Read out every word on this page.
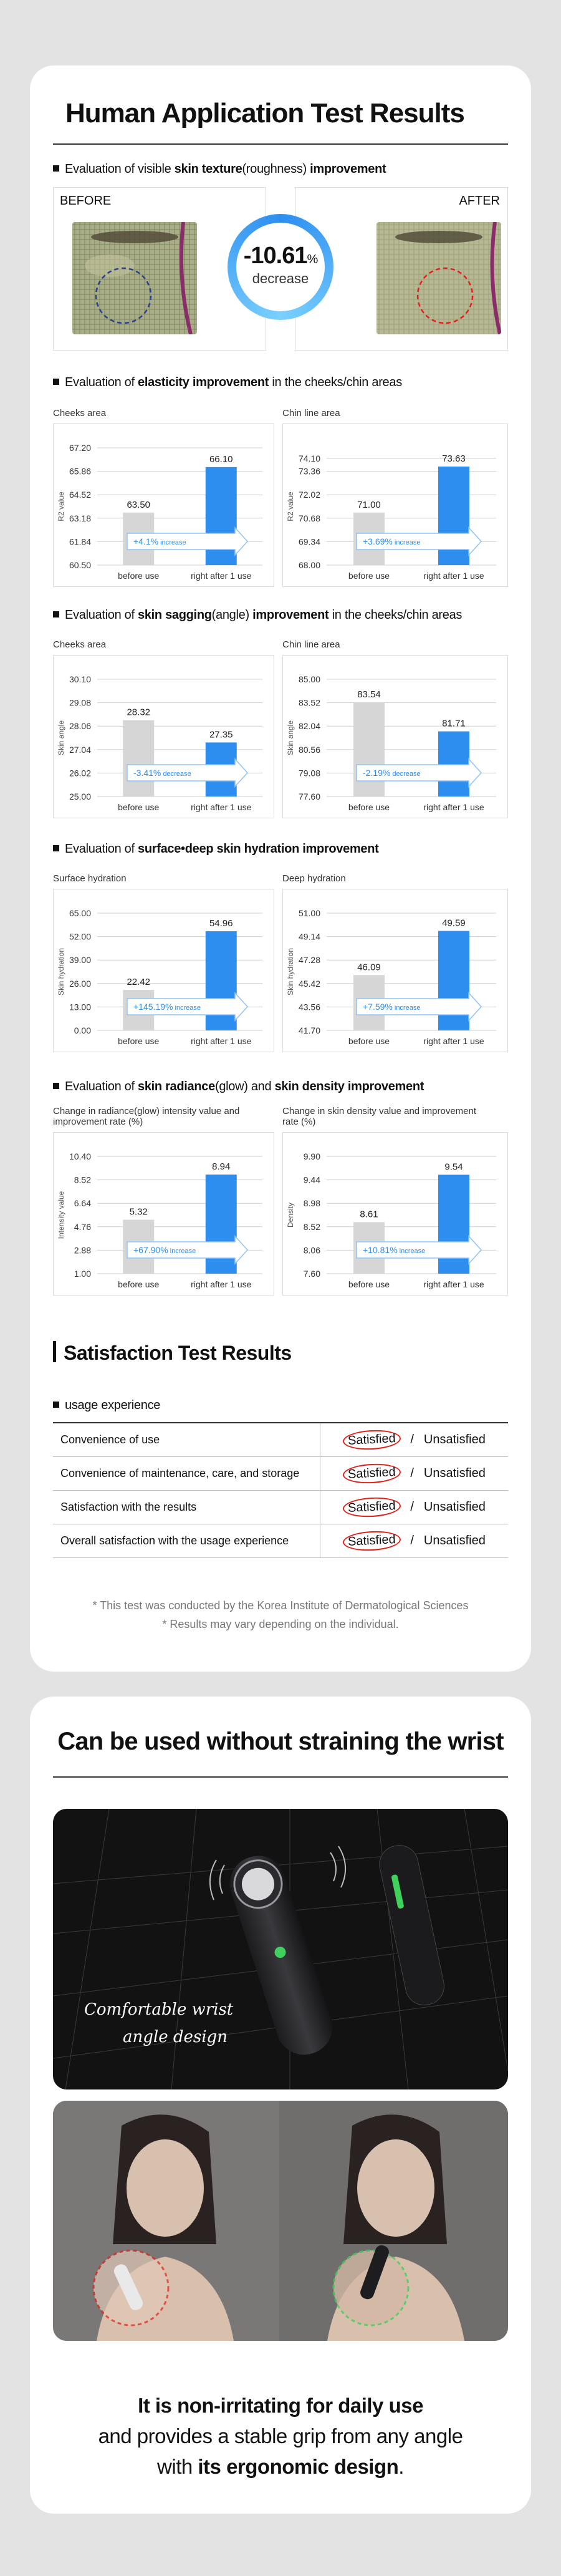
Human Application Test Results
Evaluation of visible skin texture(roughness) improvement
BEFORE	AFTER
-10.61%
decrease
Evaluation of elasticity improvement in the cheeks/chin areas
Cheeks area	Chin line area
R2 value
67.20
65.86
64.52
63.18
61.84
60.50
63.50
before use
66.10
right after 1 use
+4.1% increase
R2 value
74.10
73.36
72.02
70.68
69.34
68.00
71.00
before use
73.63
right after 1 use
+3.69% increase
Evaluation of skin sagging(angle) improvement in the cheeks/chin areas
Cheeks area	Chin line area
Skin angle
30.10
29.08
28.06
27.04
26.02
25.00
28.32
before use
27.35
right after 1 use
-3.41% decrease
Skin angle
85.00
83.52
82.04
80.56
79.08
77.60
83.54
before use
81.71
right after 1 use
-2.19% decrease
Evaluation of surface•deep skin hydration improvement
Surface hydration	Deep hydration
Skin hydration
65.00
52.00
39.00
26.00
13.00
0.00
22.42
before use
54.96
right after 1 use
+145.19% increase
Skin hydration
51.00
49.14
47.28
45.42
43.56
41.70
46.09
before use
49.59
right after 1 use
+7.59% increase
Evaluation of skin radiance(glow) and skin density improvement
Change in radiance(glow) intensity value and improvement rate (%)
Change in skin density value and improvement rate (%)
Intensity value
10.40
8.52
6.64
4.76
2.88
1.00
5.32
before use
8.94
right after 1 use
+67.90% increase
Density
9.90
9.44
8.98
8.52
8.06
7.60
8.61
before use
9.54
right after 1 use
+10.81% increase
Satisfaction Test Results
usage experience
Convenience of use	Satisfied / Unsatisfied
Convenience of maintenance, care, and storage	Satisfied / Unsatisfied
Satisfaction with the results	Satisfied / Unsatisfied
Overall satisfaction with the usage experience	Satisfied / Unsatisfied
* This test was conducted by the Korea Institute of Dermatological Sciences
* Results may vary depending on the individual.
Can be used without straining the wrist
Comfortable wrist
angle design
It is non-irritating for daily use
and provides a stable grip from any angle
with its ergonomic design.
